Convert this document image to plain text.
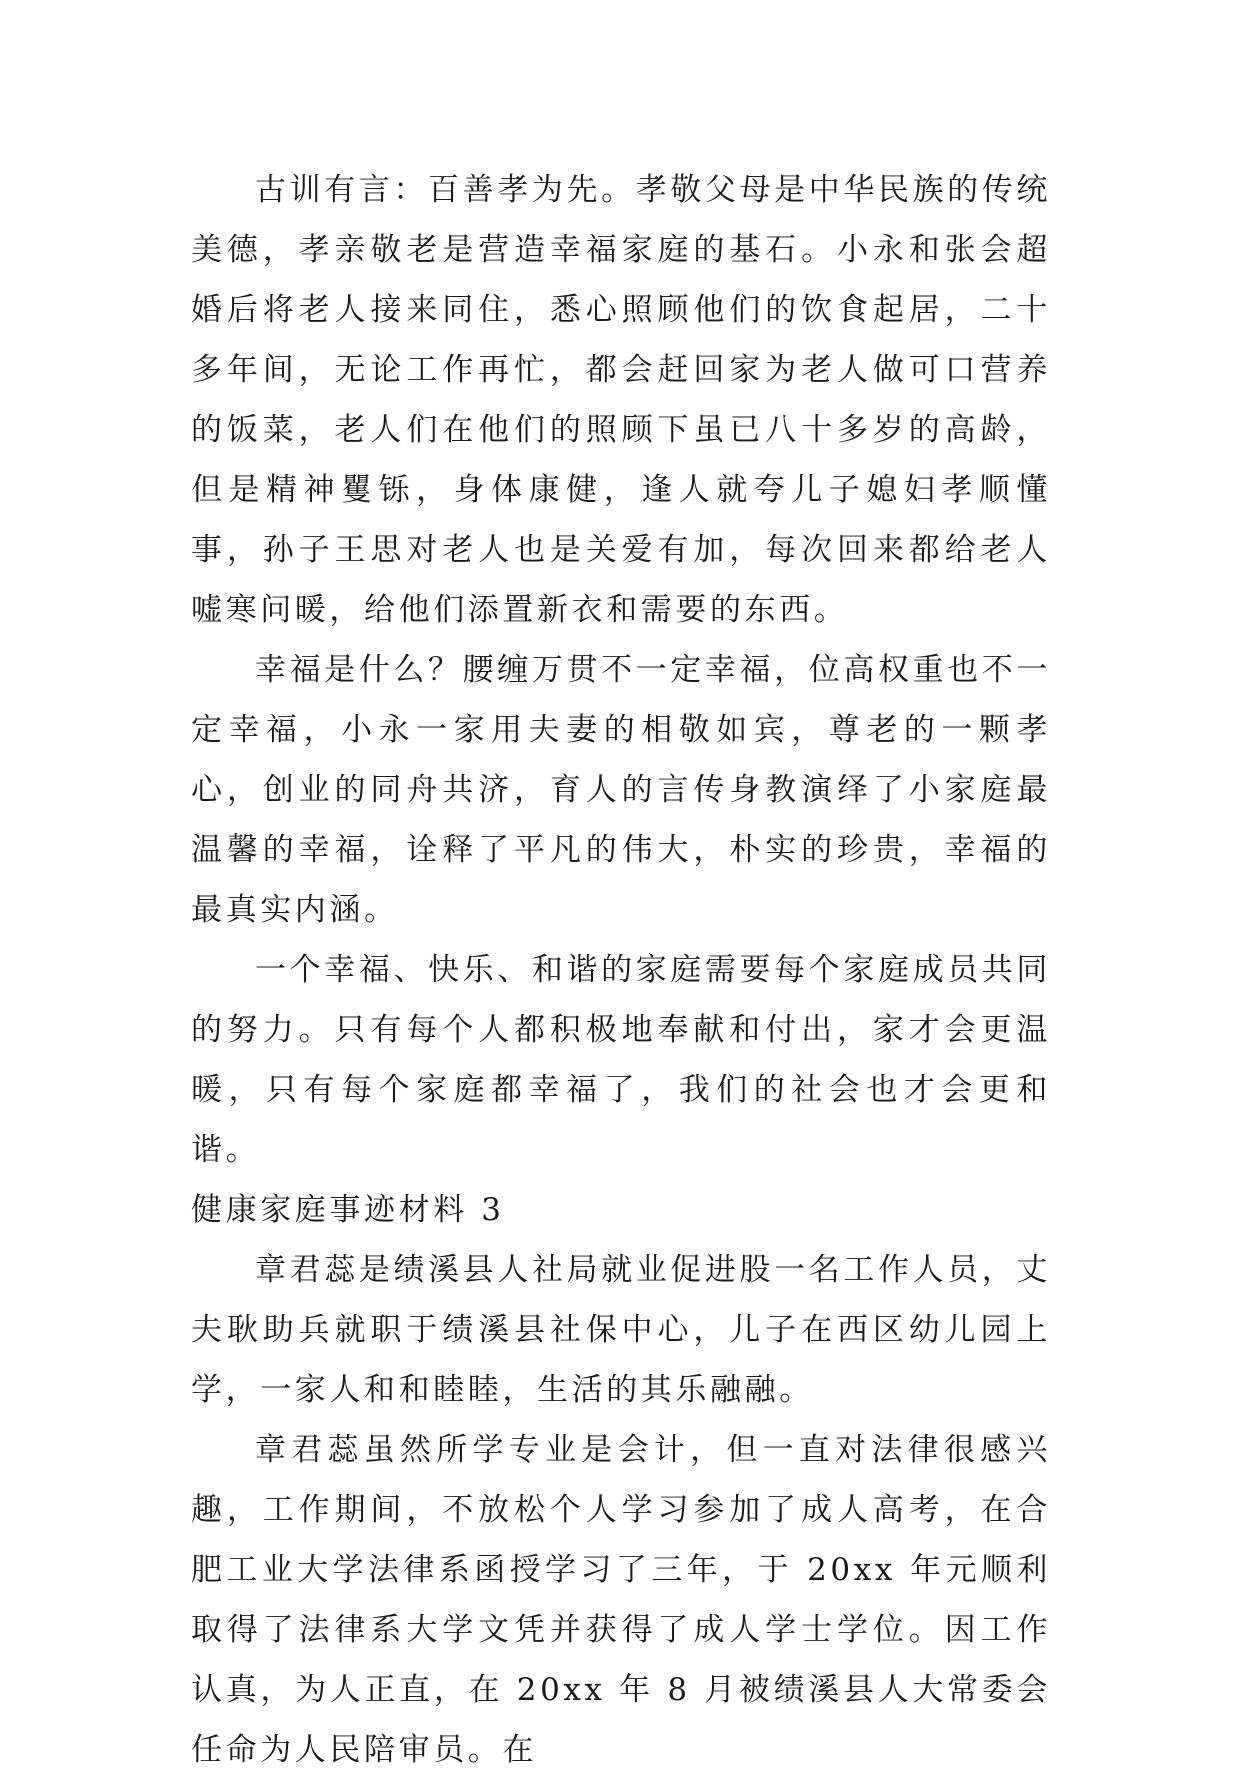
古训有言：百善孝为先。孝敬父母是中华民族的传统美德，孝亲敬老是营造幸福家庭的基石。小永和张会超婚后将老人接来同住，悉心照顾他们的饮食起居，二十多年间，无论工作再忙，都会赶回家为老人做可口营养的饭菜，老人们在他们的照顾下虽已八十多岁的高龄，但是精神矍铄，身体康健，逢人就夸儿子媳妇孝顺懂事，孙子王思对老人也是关爱有加，每次回来都给老人嘘寒问暖，给他们添置新衣和需要的东西。

幸福是什么？腰缠万贯不一定幸福，位高权重也不一定幸福，小永一家用夫妻的相敬如宾，尊老的一颗孝心，创业的同舟共济，育人的言传身教演绎了小家庭最温馨的幸福，诠释了平凡的伟大，朴实的珍贵，幸福的最真实内涵。

一个幸福、快乐、和谐的家庭需要每个家庭成员共同的努力。只有每个人都积极地奉献和付出，家才会更温暖，只有每个家庭都幸福了，我们的社会也才会更和谐。

健康家庭事迹材料 3

章君蕊是绩溪县人社局就业促进股一名工作人员，丈夫耿助兵就职于绩溪县社保中心，儿子在西区幼儿园上学，一家人和和睦睦，生活的其乐融融。

章君蕊虽然所学专业是会计，但一直对法律很感兴趣，工作期间，不放松个人学习参加了成人高考，在合肥工业大学法律系函授学习了三年，于 20xx 年元顺利取得了法律系大学文凭并获得了成人学士学位。因工作认真，为人正直，在 20xx 年 8 月被绩溪县人大常委会任命为人民陪审员。在
